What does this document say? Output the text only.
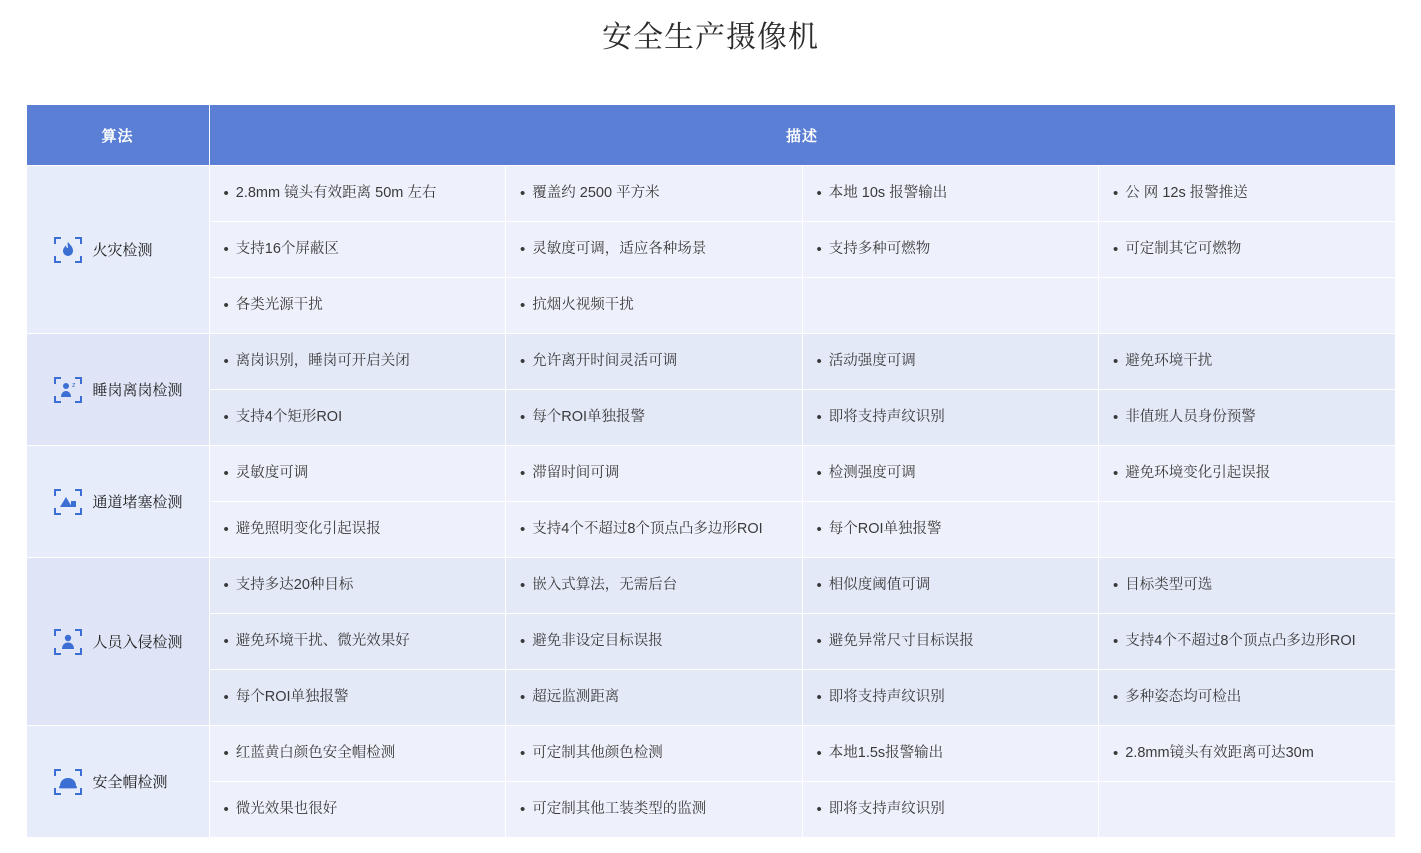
安全生产摄像机
算法	描述			

火灾检测	• 2.8mm 镜头有效距离 50m 左右	• 覆盖约 2500 平方米	• 本地 10s 报警输出	• 公 网 12s 报警推送

	• 支持16个屏蔽区	• 灵敏度可调，适应各种场景	• 支持多种可燃物	• 可定制其它可燃物

	• 各类光源干扰	• 抗烟火视频干扰		

z 睡岗离岗检测	• 离岗识别，睡岗可开启关闭	• 允许离开时间灵活可调	• 活动强度可调	• 避免环境干扰

	• 支持4个矩形ROI	• 每个ROI单独报警	• 即将支持声纹识别	• 非值班人员身份预警

通道堵塞检测	• 灵敏度可调	• 滞留时间可调	• 检测强度可调	• 避免环境变化引起误报

	• 避免照明变化引起误报	• 支持4个不超过8个顶点凸多边形ROI	• 每个ROI单独报警	

人员入侵检测	• 支持多达20种目标	• 嵌入式算法，无需后台	• 相似度阈值可调	• 目标类型可选

	• 避免环境干扰、微光效果好	• 避免非设定目标误报	• 避免异常尺寸目标误报	• 支持4个不超过8个顶点凸多边形ROI

	• 每个ROI单独报警	• 超远监测距离	• 即将支持声纹识别	• 多种姿态均可检出

安全帽检测	• 红蓝黄白颜色安全帽检测	• 可定制其他颜色检测	• 本地1.5s报警输出	• 2.8mm镜头有效距离可达30m

	• 微光效果也很好	• 可定制其他工装类型的监测	• 即将支持声纹识别	
